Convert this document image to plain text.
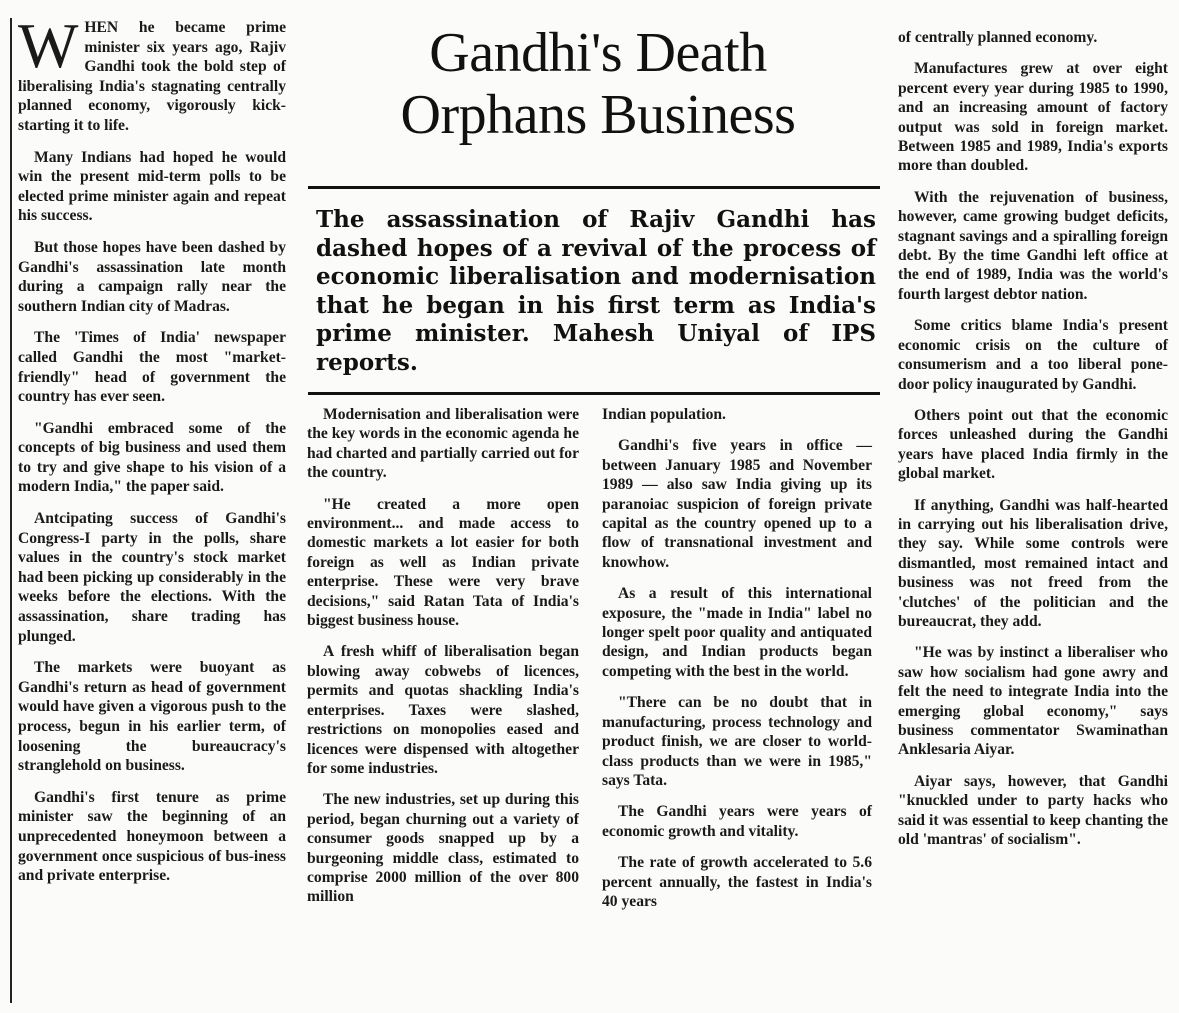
WHEN he became prime minister six years ago, Rajiv Gandhi took the bold step of liberalising India's stagnating centrally planned economy, vigorously kick-starting it to life.

Many Indians had hoped he would win the present mid-term polls to be elected prime minister again and repeat his success.

But those hopes have been dashed by Gandhi's assassination late month during a campaign rally near the southern Indian city of Madras.

The 'Times of India' newspaper called Gandhi the most "market-friendly" head of government the country has ever seen.

"Gandhi embraced some of the concepts of big business and used them to try and give shape to his vision of a modern India," the paper said.

Antcipating success of Gandhi's Congress-I party in the polls, share values in the country's stock market had been picking up considerably in the weeks before the elections. With the assassination, share trading has plunged.

The markets were buoyant as Gandhi's return as head of government would have given a vigorous push to the process, begun in his earlier term, of loosening the bureaucracy's stranglehold on business.

Gandhi's first tenure as prime minister saw the beginning of an unprecedented honeymoon between a government once suspicious of bus-iness and private enterprise.

Gandhi's Death
Orphans Business
The assassination of Rajiv Gandhi has dashed hopes of a revival of the process of economic liberalisation and modernisation that he began in his first term as India's prime minister. Mahesh Uniyal of IPS reports.

Modernisation and liberalisation were the key words in the economic agenda he had charted and partially carried out for the country.

"He created a more open environment... and made access to domestic markets a lot easier for both foreign as well as Indian private enterprise. These were very brave decisions," said Ratan Tata of India's biggest business house.

A fresh whiff of liberalisation began blowing away cobwebs of licences, permits and quotas shackling India's enterprises. Taxes were slashed, restrictions on monopolies eased and licences were dispensed with altogether for some industries.

The new industries, set up during this period, began churning out a variety of consumer goods snapped up by a burgeoning middle class, estimated to comprise 2000 million of the over 800 million

Indian population.

Gandhi's five years in office — between January 1985 and November 1989 — also saw India giving up its paranoiac suspicion of foreign private capital as the country opened up to a flow of transnational investment and knowhow.

As a result of this international exposure, the "made in India" label no longer spelt poor quality and antiquated design, and Indian products began competing with the best in the world.

"There can be no doubt that in manufacturing, process technology and product finish, we are closer to world-class products than we were in 1985," says Tata.

The Gandhi years were years of economic growth and vitality.

The rate of growth accelerated to 5.6 percent annually, the fastest in India's 40 years

of centrally planned economy.

Manufactures grew at over eight percent every year during 1985 to 1990, and an increasing amount of factory output was sold in foreign market. Between 1985 and 1989, India's exports more than doubled.

With the rejuvenation of business, however, came growing budget deficits, stagnant savings and a spiralling foreign debt. By the time Gandhi left office at the end of 1989, India was the world's fourth largest debtor nation.

Some critics blame India's present economic crisis on the culture of consumerism and a too liberal pone-door policy inaugurated by Gandhi.

Others point out that the economic forces unleashed during the Gandhi years have placed India firmly in the global market.

If anything, Gandhi was half-hearted in carrying out his liberalisation drive, they say. While some controls were dismantled, most remained intact and business was not freed from the 'clutches' of the politician and the bureaucrat, they add.

"He was by instinct a liberaliser who saw how socialism had gone awry and felt the need to integrate India into the emerging global economy," says business commentator Swaminathan Anklesaria Aiyar.

Aiyar says, however, that Gandhi "knuckled under to party hacks who said it was essential to keep chanting the old 'mantras' of socialism".
